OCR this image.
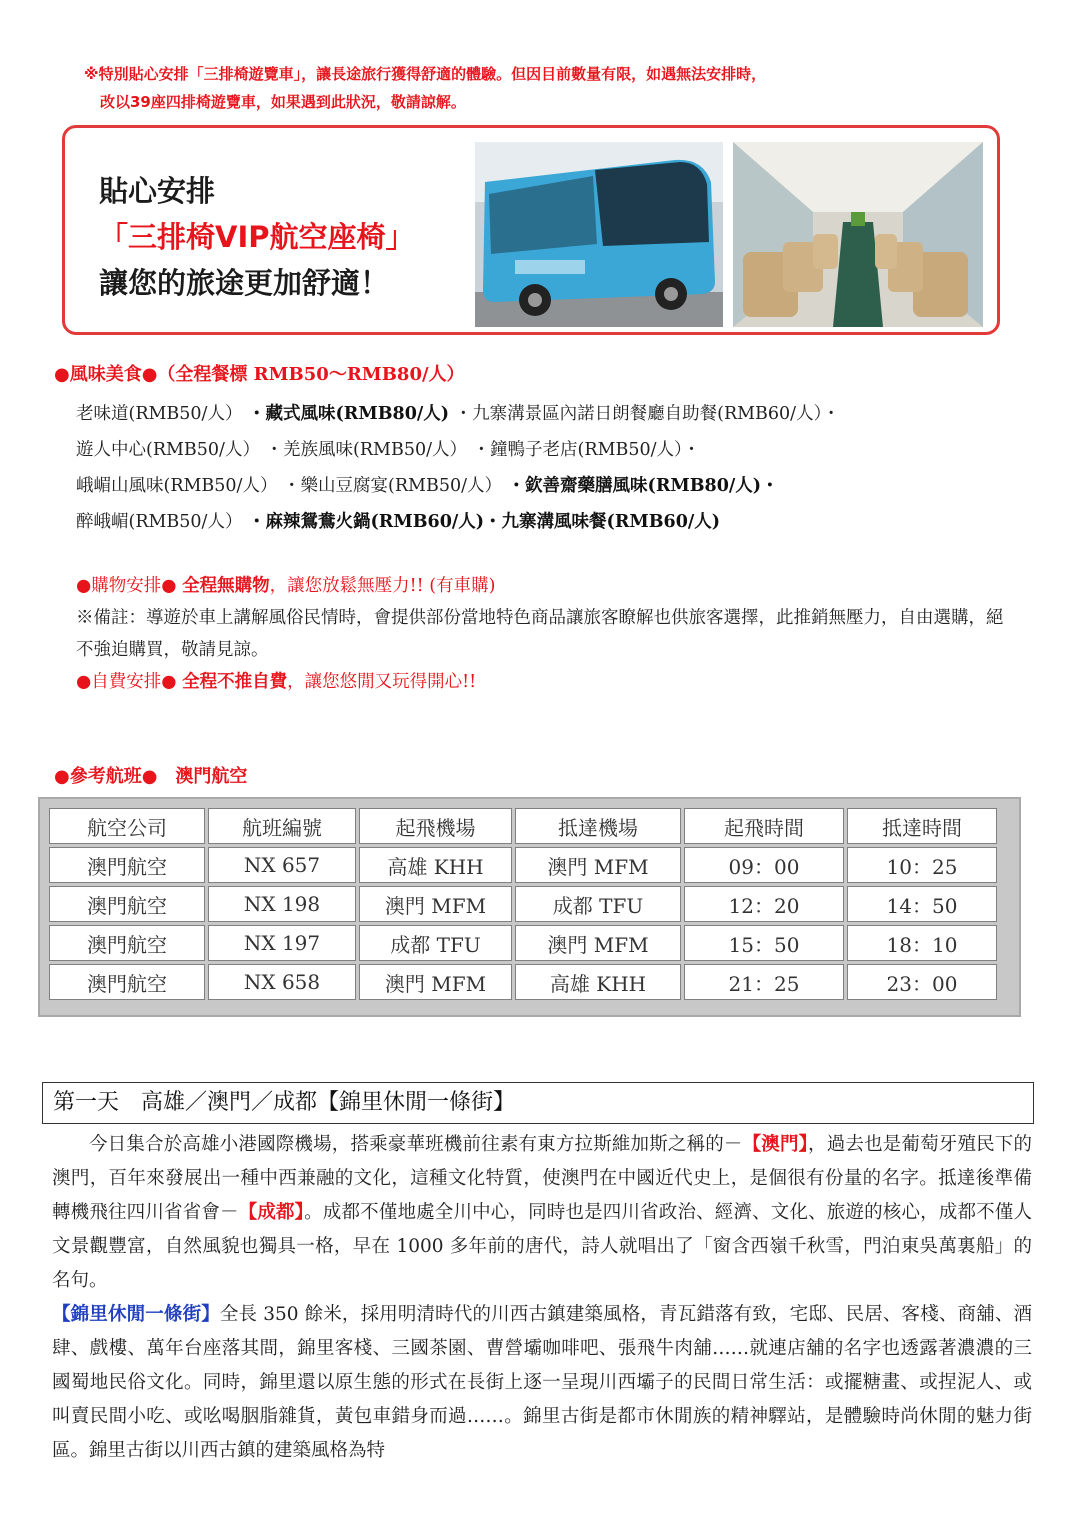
※特別貼心安排「三排椅遊覽車」，讓長途旅行獲得舒適的體驗。但因目前數量有限，如遇無法安排時，
改以39座四排椅遊覽車，如果遇到此狀況，敬請諒解。
貼心安排
「三排椅VIP航空座椅」
讓您的旅途更加舒適！
●風味美食●（全程餐標 RMB50～RMB80/人）
老味道(RMB50/人） ・藏式風味(RMB80/人) ・九寨溝景區內諾日朗餐廳自助餐(RMB60/人）・
遊人中心(RMB50/人） ・羌族風味(RMB50/人） ・鐘鴨子老店(RMB50/人）・
峨嵋山風味(RMB50/人） ・樂山豆腐宴(RMB50/人） ・欽善齋藥膳風味(RMB80/人)・
醉峨嵋(RMB50/人） ・麻辣鴛鴦火鍋(RMB60/人)・九寨溝風味餐(RMB60/人)
●購物安排● 全程無購物，讓您放鬆無壓力!! (有車購)
※備註：導遊於車上講解風俗民情時，會提供部份當地特色商品讓旅客瞭解也供旅客選擇，此推銷無壓力，自由選購，絕不強迫購買，敬請見諒。
●自費安排● 全程不推自費，讓您悠閒又玩得開心!!
●參考航班●　澳門航空
航空公司	航班編號	起飛機場	抵達機場	起飛時間	抵達時間
澳門航空	NX 657	高雄 KHH	澳門 MFM	09：00	10：25
澳門航空	NX 198	澳門 MFM	成都 TFU	12：20	14：50
澳門航空	NX 197	成都 TFU	澳門 MFM	15：50	18：10
澳門航空	NX 658	澳門 MFM	高雄 KHH	21：25	23：00
第一天　高雄／澳門／成都【錦里休閒一條街】

今日集合於高雄小港國際機場，搭乘豪華班機前往素有東方拉斯維加斯之稱的－【澳門】，過去也是葡萄牙殖民下的澳門，百年來發展出一種中西兼融的文化，這種文化特質，使澳門在中國近代史上，是個很有份量的名字。抵達後準備轉機飛往四川省省會－【成都】。成都不僅地處全川中心，同時也是四川省政治、經濟、文化、旅遊的核心，成都不僅人文景觀豐富，自然風貌也獨具一格，早在 1000 多年前的唐代，詩人就唱出了「窗含西嶺千秋雪，門泊東吳萬裏船」的名句。

【錦里休閒一條街】全長 350 餘米，採用明清時代的川西古鎮建築風格，青瓦錯落有致，宅邸、民居、客棧、商舖、酒肆、戲樓、萬年台座落其間，錦里客棧、三國茶園、曹營壩咖啡吧、張飛牛肉舖……就連店舖的名字也透露著濃濃的三國蜀地民俗文化。同時，錦里還以原生態的形式在長街上逐一呈現川西壩子的民間日常生活：或擺糖畫、或捏泥人、或叫賣民間小吃、或吆喝胭脂雜貨，黃包車錯身而過……。錦里古街是都市休閒族的精神驛站，是體驗時尚休閒的魅力街區。錦里古街以川西古鎮的建築風格為特
